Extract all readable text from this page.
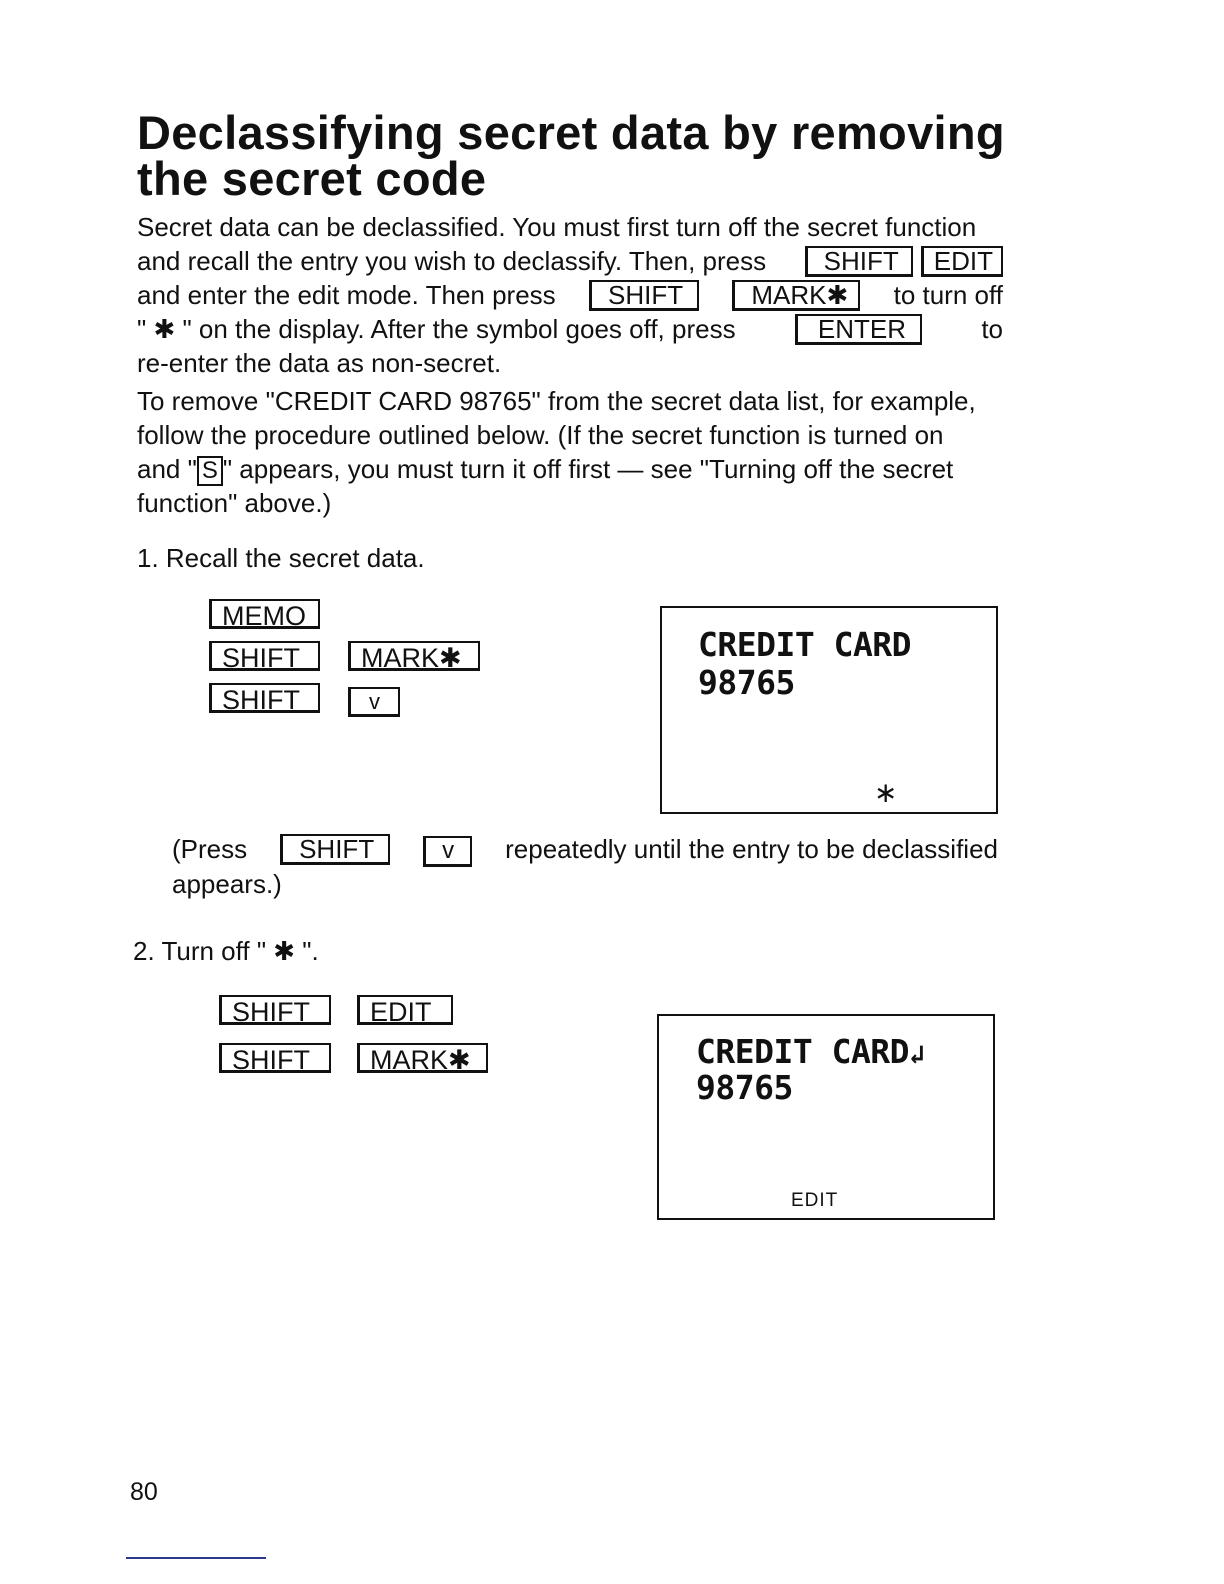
Declassifying secret data by removing
the secret code
Secret data can be declassified. You must first turn off the secret function
and recall the entry you wish to declassify. Then, press	SHIFT EDIT
and enter the edit mode. Then press	SHIFT	MARK✱	to turn off
" ✱ " on the display. After the symbol goes off, press	ENTER	to
re-enter the data as non-secret.
To remove "CREDIT CARD 98765" from the secret data list, for example,
follow the procedure outlined below. (If the secret function is turned on
and " S " appears, you must turn it off first — see "Turning off the secret
function" above.)
1. Recall the secret data.
MEMO
SHIFT	MARK✱
SHIFT	v
CREDIT CARD
98765
∗
(Press	SHIFT	v	repeatedly until the entry to be declassified
appears.)
2. Turn off " ✱ ".
SHIFT	EDIT
SHIFT	MARK✱	CREDIT CARD↲
98765
EDIT
80
